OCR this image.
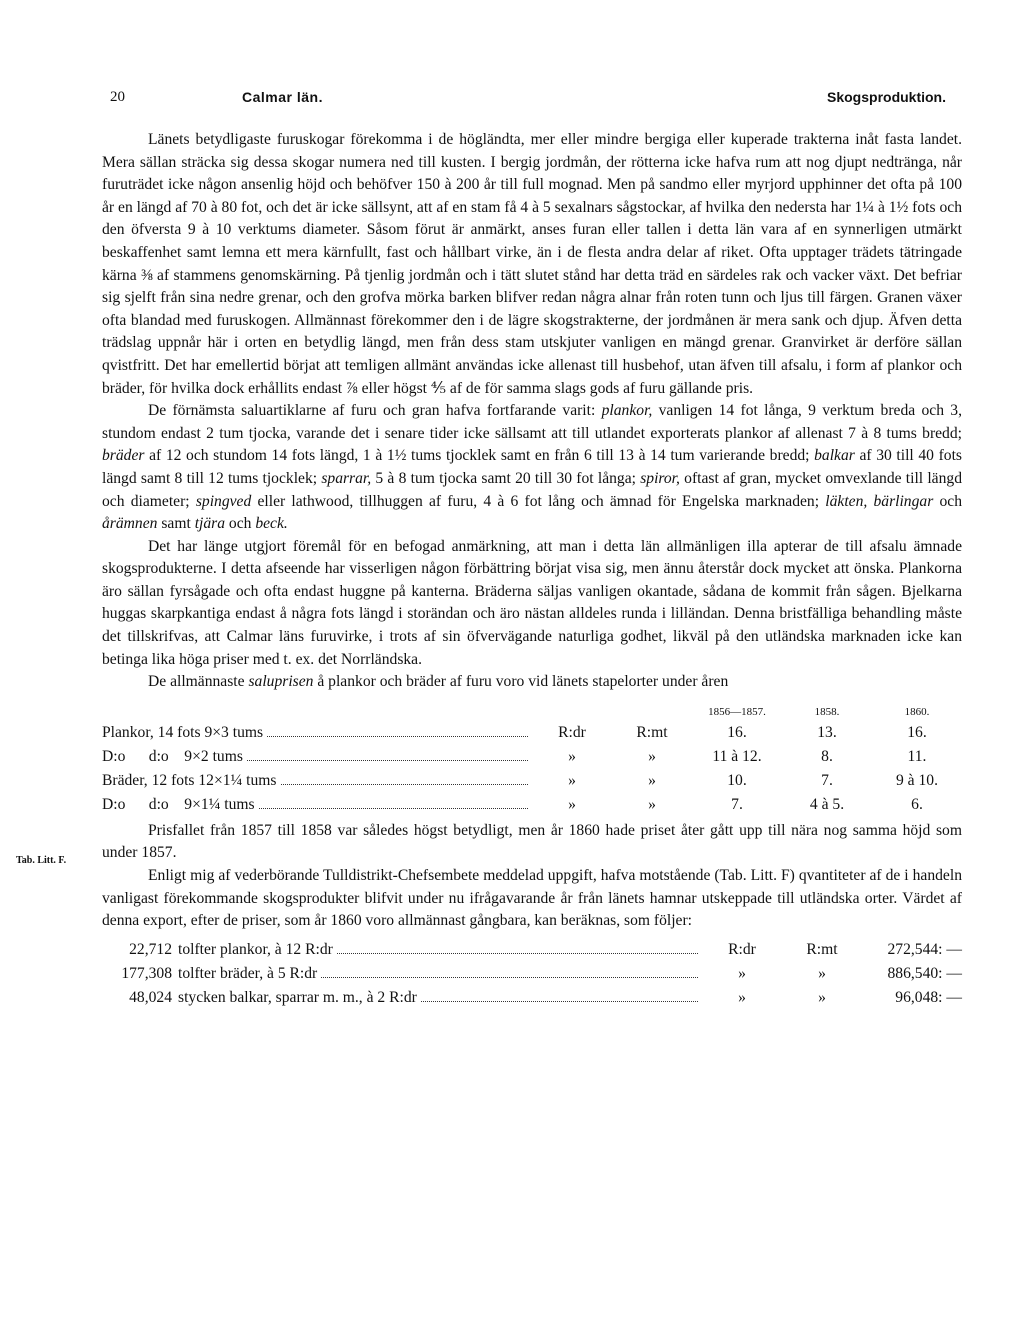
20	Calmar län.	Skogsproduktion.

Länets betydligaste furuskogar förekomma i de högländta, mer eller mindre bergiga eller kuperade trakterna inåt fasta landet. Mera sällan sträcka sig dessa skogar numera ned till kusten. I bergig jordmån, der rötterna icke hafva rum att nog djupt nedtränga, når furuträdet icke någon ansenlig höjd och behöfver 150 à 200 år till full mognad. Men på sandmo eller myrjord upphinner det ofta på 100 år en längd af 70 à 80 fot, och det är icke sällsynt, att af en stam få 4 à 5 sexalnars sågstockar, af hvilka den nedersta har 1¼ à 1½ fots och den öfversta 9 à 10 verktums diameter. Såsom förut är anmärkt, anses furan eller tallen i detta län vara af en synnerligen utmärkt beskaffenhet samt lemna ett mera kärnfullt, fast och hållbart virke, än i de flesta andra delar af riket. Ofta upptager trädets tätringade kärna ⅜ af stammens genomskärning. På tjenlig jordmån och i tätt slutet stånd har detta träd en särdeles rak och vacker växt. Det befriar sig sjelft från sina nedre grenar, och den grofva mörka barken blifver redan några alnar från roten tunn och ljus till färgen. Granen växer ofta blandad med furuskogen. Allmännast förekommer den i de lägre skogstrakterne, der jordmånen är mera sank och djup. Äfven detta trädslag uppnår här i orten en betydlig längd, men från dess stam utskjuter vanligen en mängd grenar. Granvirket är derföre sällan qvistfritt. Det har emellertid börjat att temligen allmänt användas icke allenast till husbehof, utan äfven till afsalu, i form af plankor och bräder, för hvilka dock erhållits endast ⅞ eller högst ⅘ af de för samma slags gods af furu gällande pris.

De förnämsta saluartiklarne af furu och gran hafva fortfarande varit: plankor, vanligen 14 fot långa, 9 verktum breda och 3, stundom endast 2 tum tjocka, varande det i senare tider icke sällsamt att till utlandet exporterats plankor af allenast 7 à 8 tums bredd; bräder af 12 och stundom 14 fots längd, 1 à 1½ tums tjocklek samt en från 6 till 13 à 14 tum varierande bredd; balkar af 30 till 40 fots längd samt 8 till 12 tums tjocklek; sparrar, 5 à 8 tum tjocka samt 20 till 30 fot långa; spiror, oftast af gran, mycket omvexlande till längd och diameter; spingved eller lathwood, tillhuggen af furu, 4 à 6 fot lång och ämnad för Engelska marknaden; läkten, bärlingar och årämnen samt tjära och beck.

Det har länge utgjort föremål för en befogad anmärkning, att man i detta län allmänligen illa apterar de till afsalu ämnade skogsprodukterne. I detta afseende har visserligen någon förbättring börjat visa sig, men ännu återstår dock mycket att önska. Plankorna äro sällan fyrsågade och ofta endast huggne på kanterna. Bräderna säljas vanligen okantade, sådana de kommit från sågen. Bjelkarna huggas skarpkantiga endast å några fots längd i storändan och äro nästan alldeles runda i lilländan. Denna bristfälliga behandling måste det tillskrifvas, att Calmar läns furuvirke, i trots af sin öfvervägande naturliga godhet, likväl på den utländska marknaden icke kan betinga lika höga priser med t. ex. det Norrländska.

De allmännaste saluprisen å plankor och bräder af furu voro vid länets stapelorter under åren

			1856—1857.	1858.	1860.

Plankor, 14 fots 9×3 tums	R:dr	R:mt	16.	13.	16.

D:o      d:o    9×2 tums	»	»	11 à 12.	8.	11.

Bräder, 12 fots 12×1¼ tums	»	»	10.	7.	9 à 10.

D:o      d:o    9×1¼ tums	»	»	7.	4 à 5.	6.

Prisfallet från 1857 till 1858 var således högst betydligt, men år 1860 hade priset åter gått upp till nära nog samma höjd som under 1857.

Tab. Litt. F.

Enligt mig af vederbörande Tulldistrikt-Chefsembete meddelad uppgift, hafva motstående (Tab. Litt. F) qvantiteter af de i handeln vanligast förekommande skogsprodukter blifvit under nu ifrågavarande år från länets hamnar utskeppade till utländska orter. Värdet af denna export, efter de priser, som år 1860 voro allmännast gångbara, kan beräknas, som följer:

22,712	tolfter plankor, à 12 R:dr	R:dr	R:mt	272,544: —
177,308	tolfter bräder, à 5 R:dr	»	»	886,540: —
48,024	stycken balkar, sparrar m. m., à 2 R:dr	»	»	96,048: —
